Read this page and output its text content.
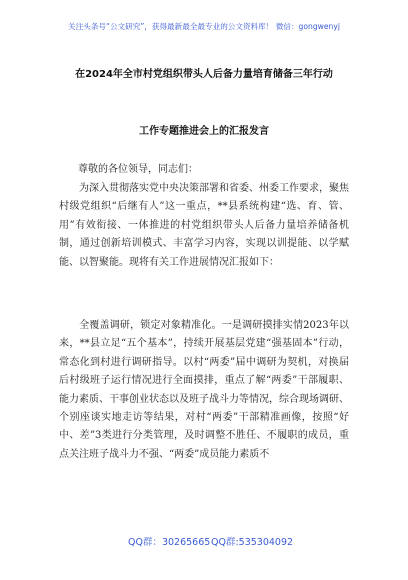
关注头条号“公文研究”，获得最新最全最专业的公文资料库！ 微信：gongwenyj
在2024年全市村党组织带头人后备力量培育储备三年行动
工作专题推进会上的汇报发言
尊敬的各位领导，同志们：
为深入贯彻落实党中央决策部署和省委、州委工作要求，聚焦村级党组织“后继有人”这一重点，**县系统构建“选、育、管、用”有效衔接、一体推进的村党组织带头人后备力量培养储备机制，通过创新培训模式、丰富学习内容，实现以训提能、以学赋能、以智聚能。现将有关工作进展情况汇报如下：
全覆盖调研，锁定对象精准化。一是调研摸排实情2023年以来，**县立足“五个基本”，持续开展基层党建“强基固本”行动，常态化到村进行调研指导。以村“两委”届中调研为契机，对换届后村级班子运行情况进行全面摸排，重点了解“两委”干部履职、能力素质、干事创业状态以及班子战斗力等情况，综合现场调研、个别座谈实地走访等结果，对村“两委”干部精准画像，按照“好中、差”3类进行分类管理，及时调整不胜任、不履职的成员，重点关注班子战斗力不强、“两委”成员能力素质不
QQ群：30265665 QQ群:535304092
